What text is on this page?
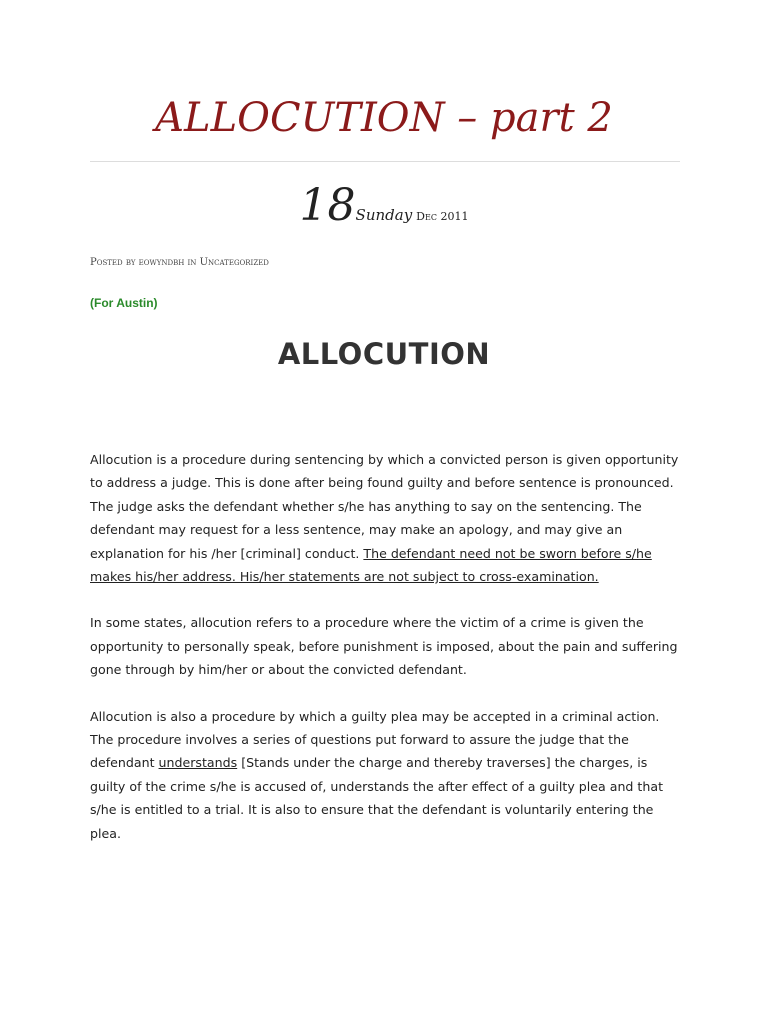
ALLOCUTION – part 2
18Sunday Dec 2011
Posted by eowyndbh in Uncategorized
(For Austin)
ALLOCUTION

Allocution is a procedure during sentencing by which a convicted person is given opportunity to address a judge. This is done after being found guilty and before sentence is pronounced. The judge asks the defendant whether s/he has anything to say on the sentencing. The defendant may request for a less sentence, may make an apology, and may give an explanation for his /her [criminal] conduct. The defendant need not be sworn before s/he makes his/her address. His/her statements are not subject to cross-examination.

In some states, allocution refers to a procedure where the victim of a crime is given the opportunity to personally speak, before punishment is imposed, about the pain and suffering gone through by him/her or about the convicted defendant.

Allocution is also a procedure by which a guilty plea may be accepted in a criminal action. The procedure involves a series of questions put forward to assure the judge that the defendant understands [Stands under the charge and thereby traverses] the charges, is guilty of the crime s/he is accused of, understands the after effect of a guilty plea and that s/he is entitled to a trial. It is also to ensure that the defendant is voluntarily entering the plea.
